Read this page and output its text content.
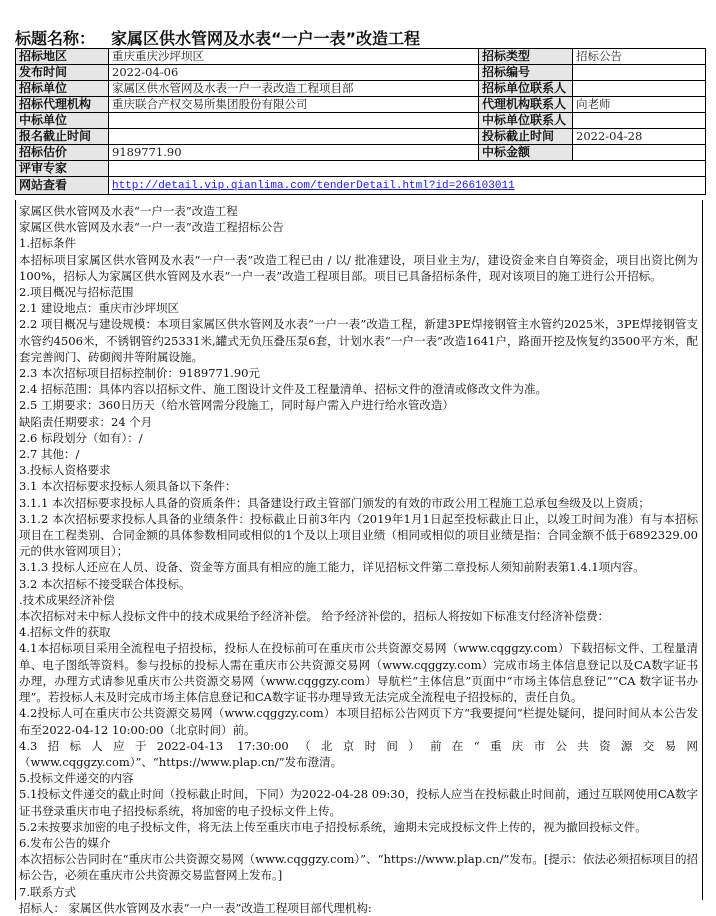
标题名称： 家属区供水管网及水表“一户一表”改造工程
招标地区	重庆重庆沙坪坝区	招标类型	招标公告
发布时间	2022-04-06	招标编号	
招标单位	家属区供水管网及水表一户一表改造工程项目部	招标单位联系人	
招标代理机构	重庆联合产权交易所集团股份有限公司	代理机构联系人	向老师
中标单位		中标单位联系人	
报名截止时间		投标截止时间	2022-04-28
招标估价	9189771.90	中标金额	
评审专家			
网站查看	http://detail.vip.qianlima.com/tenderDetail.html?id=266103011		

家属区供水管网及水表“一户一表”改造工程

家属区供水管网及水表“一户一表”改造工程招标公告

1.招标条件

本招标项目家属区供水管网及水表“一户一表”改造工程已由 / 以/ 批准建设，项目业主为/，建设资金来自自筹资金，项目出资比例为100%，招标人为家属区供水管网及水表“一户一表”改造工程项目部。项目已具备招标条件，现对该项目的施工进行公开招标。

2.项目概况与招标范围

2.1 建设地点：重庆市沙坪坝区

2.2 项目概况与建设规模：本项目家属区供水管网及水表“一户一表”改造工程，新建3PE焊接钢管主水管约2025米，3PE焊接钢管支水管约4506米，不锈钢管约25331米,罐式无负压叠压泵6套，计划水表“一户一表”改造1641户，路面开挖及恢复约3500平方米，配套完善阀门、砖砌阀井等附属设施。

2.3 本次招标项目招标控制价：9189771.90元

2.4 招标范围：具体内容以招标文件、施工图设计文件及工程量清单、招标文件的澄清或修改文件为准。

2.5 工期要求：360日历天（给水管网需分段施工，同时每户需入户进行给水管改造）

缺陷责任期要求：24 个月

2.6 标段划分（如有）：/

2.7 其他：/

3.投标人资格要求

3.1 本次招标要求投标人须具备以下条件：

3.1.1 本次招标要求投标人具备的资质条件：具备建设行政主管部门颁发的有效的市政公用工程施工总承包叁级及以上资质；

3.1.2 本次招标要求投标人具备的业绩条件：投标截止日前3年内（2019年1月1日起至投标截止日止，以竣工时间为准）有与本招标项目在工程类别、合同金额的具体参数相同或相似的1个及以上项目业绩（相同或相似的项目业绩是指：合同金额不低于6892329.00元的供水管网项目）；

3.1.3 投标人还应在人员、设备、资金等方面具有相应的施工能力，详见招标文件第二章投标人须知前附表第1.4.1项内容。

3.2 本次招标不接受联合体投标。

.技术成果经济补偿

本次招标对未中标人投标文件中的技术成果给予经济补偿。 给予经济补偿的，招标人将按如下标准支付经济补偿费：

4.招标文件的获取

4.1本招标项目采用全流程电子招投标，投标人在投标前可在重庆市公共资源交易网（www.cqggzy.com）下载招标文件、工程量清单、电子图纸等资料。参与投标的投标人需在重庆市公共资源交易网（www.cqggzy.com）完成市场主体信息登记以及CA数字证书办理，办理方式请参见重庆市公共资源交易网（www.cqggzy.com）导航栏“主体信息”页面中“市场主体信息登记”“CA 数字证书办理”。若投标人未及时完成市场主体信息登记和CA数字证书办理导致无法完成全流程电子招投标的，责任自负。

4.2投标人可在重庆市公共资源交易网（www.cqggzy.com）本项目招标公告网页下方“我要提问”栏提处疑问，提问时间从本公告发布至2022-04-12 10:00:00（北京时间）前。

4.3招标人应于2022-04-13 17:30:00（北京时间）前在“重庆市公共资源交易网（www.cqggzy.com）”、“https://www.plap.cn/”发布澄清。

5.投标文件递交的内容

5.1投标文件递交的截止时间（投标截止时间，下同）为2022-04-28 09:30，投标人应当在投标截止时间前，通过互联网使用CA数字证书登录重庆市电子招投标系统，将加密的电子投标文件上传。

5.2未按要求加密的电子投标文件，将无法上传至重庆市电子招投标系统，逾期未完成投标文件上传的，视为撤回投标文件。

6.发布公告的媒介

本次招标公告同时在“重庆市公共资源交易网（www.cqggzy.com）”、“https://www.plap.cn/”发布。[提示：依法必须招标项目的招标公告，必须在重庆市公共资源交易监督网上发布。]

7.联系方式

招标人： 家属区供水管网及水表“一户一表”改造工程项目部代理机构:
